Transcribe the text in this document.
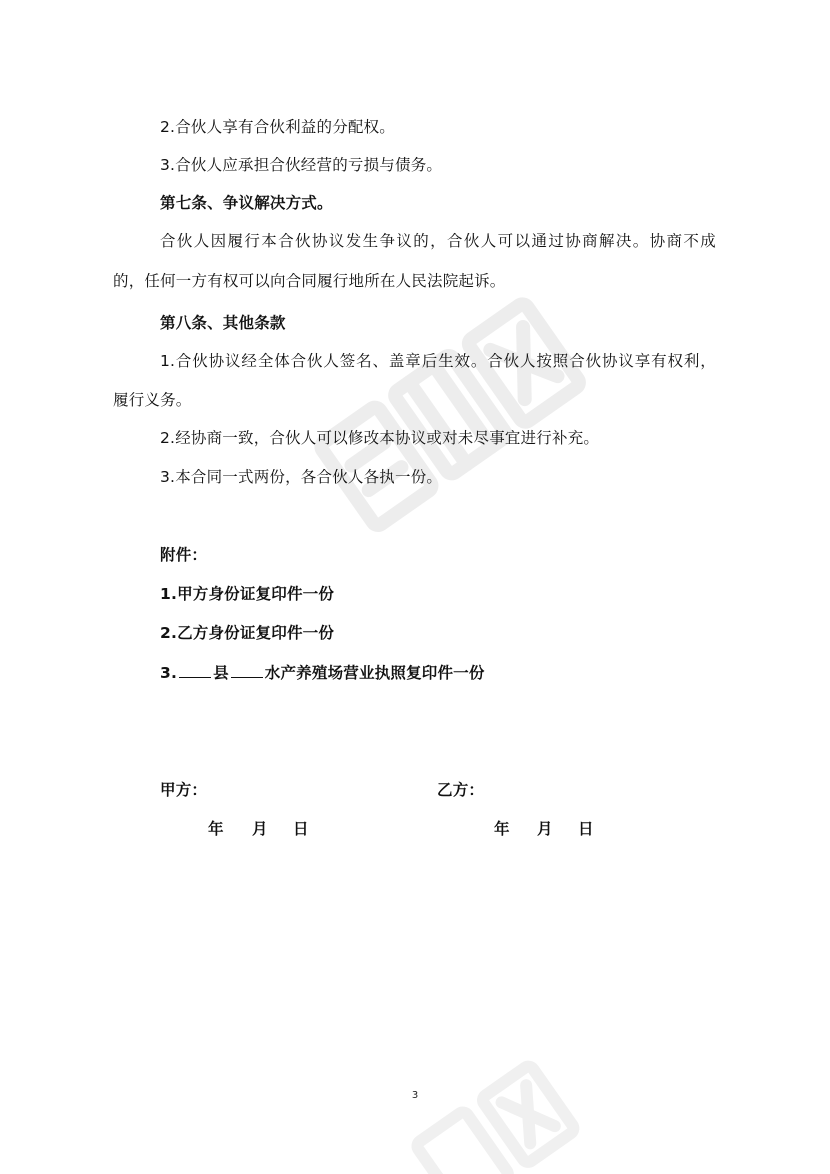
2.合伙人享有合伙利益的分配权。
3.合伙人应承担合伙经营的亏损与债务。
第七条、争议解决方式。
合伙人因履行本合伙协议发生争议的，合伙人可以通过协商解决。协商不成
的，任何一方有权可以向合同履行地所在人民法院起诉。
第八条、其他条款
1.合伙协议经全体合伙人签名、盖章后生效。合伙人按照合伙协议享有权利，
履行义务。
2.经协商一致，合伙人可以修改本协议或对未尽事宜进行补充。
3.本合同一式两份，各合伙人各执一份。
附件：
1.甲方身份证复印件一份
2.乙方身份证复印件一份
3. 县 水产养殖场营业执照复印件一份
甲方：	乙方：
年 月 日	年 月 日
3
